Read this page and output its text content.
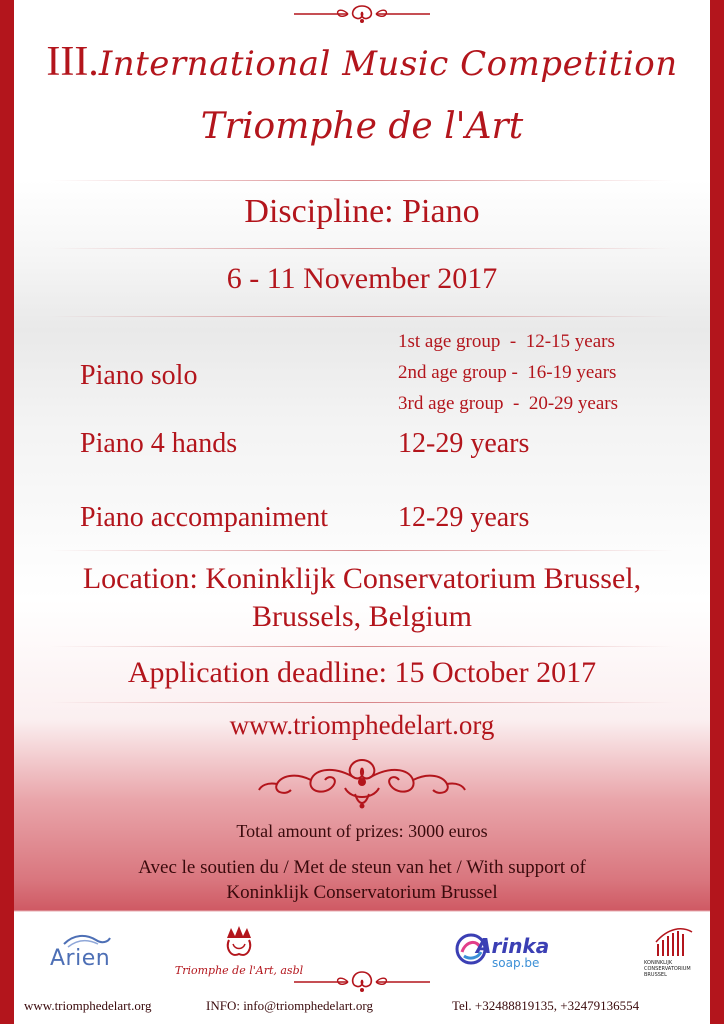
III.International Music Competition
Triomphe de l'Art
Discipline: Piano
6 - 11 November 2017
Piano solo
1st age group  -  12-15 years
2nd age group -  16-19 years
3rd age group  -  20-29 years
Piano 4 hands	12-29 years
Piano accompaniment 12-29 years
Location: Koninklijk Conservatorium Brussel,
Brussels, Belgium
Application deadline: 15 October 2017
www.triomphedelart.org
Total amount of prizes: 3000 euros
Avec le soutien du / Met de steun van het / With support of
Koninklijk Conservatorium Brussel
Arien	Triomphe de l'Art, asbl
Arinka
soap.be	KONINKLIJK CONSERVATORIUM BRUSSEL
www.triomphedelart.org	INFO: info@triomphedelart.org	Tel. +32488819135, +32479136554
